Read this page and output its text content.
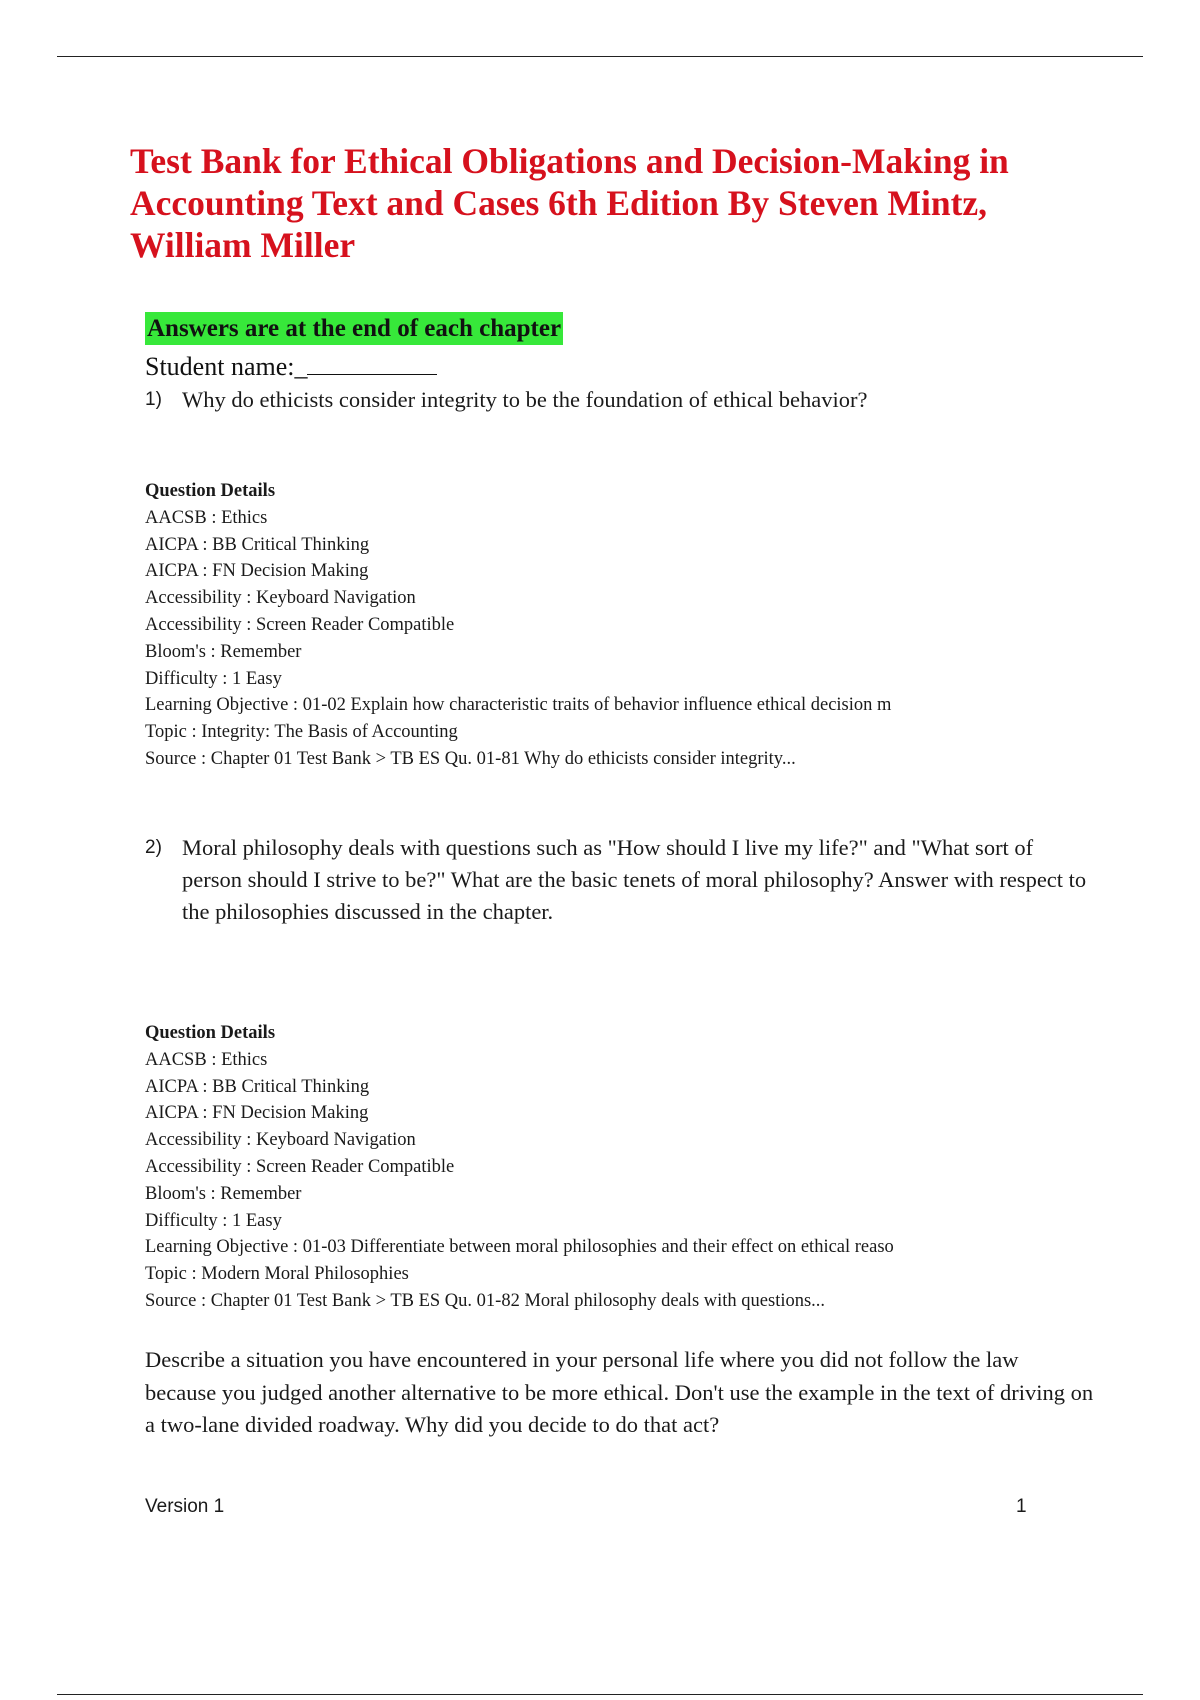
Test Bank for Ethical Obligations and Decision-Making in Accounting Text and Cases 6th Edition By Steven Mintz, William Miller
Answers are at the end of each chapter
Student name:_
1) Why do ethicists consider integrity to be the foundation of ethical behavior?
Question Details
AACSB : Ethics
AICPA : BB Critical Thinking
AICPA : FN Decision Making
Accessibility : Keyboard Navigation
Accessibility : Screen Reader Compatible
Bloom's : Remember
Difficulty : 1 Easy
Learning Objective : 01-02 Explain how characteristic traits of behavior influence ethical decision m
Topic : Integrity: The Basis of Accounting
Source : Chapter 01 Test Bank > TB ES Qu. 01-81 Why do ethicists consider integrity...
2) Moral philosophy deals with questions such as "How should I live my life?" and "What sort of person should I strive to be?" What are the basic tenets of moral philosophy? Answer with respect to the philosophies discussed in the chapter.
Question Details
AACSB : Ethics
AICPA : BB Critical Thinking
AICPA : FN Decision Making
Accessibility : Keyboard Navigation
Accessibility : Screen Reader Compatible
Bloom's : Remember
Difficulty : 1 Easy
Learning Objective : 01-03 Differentiate between moral philosophies and their effect on ethical reaso
Topic : Modern Moral Philosophies
Source : Chapter 01 Test Bank > TB ES Qu. 01-82 Moral philosophy deals with questions...
Describe a situation you have encountered in your personal life where you did not follow the law because you judged another alternative to be more ethical. Don't use the example in the text of driving on a two-lane divided roadway. Why did you decide to do that act?
Version 1	1
